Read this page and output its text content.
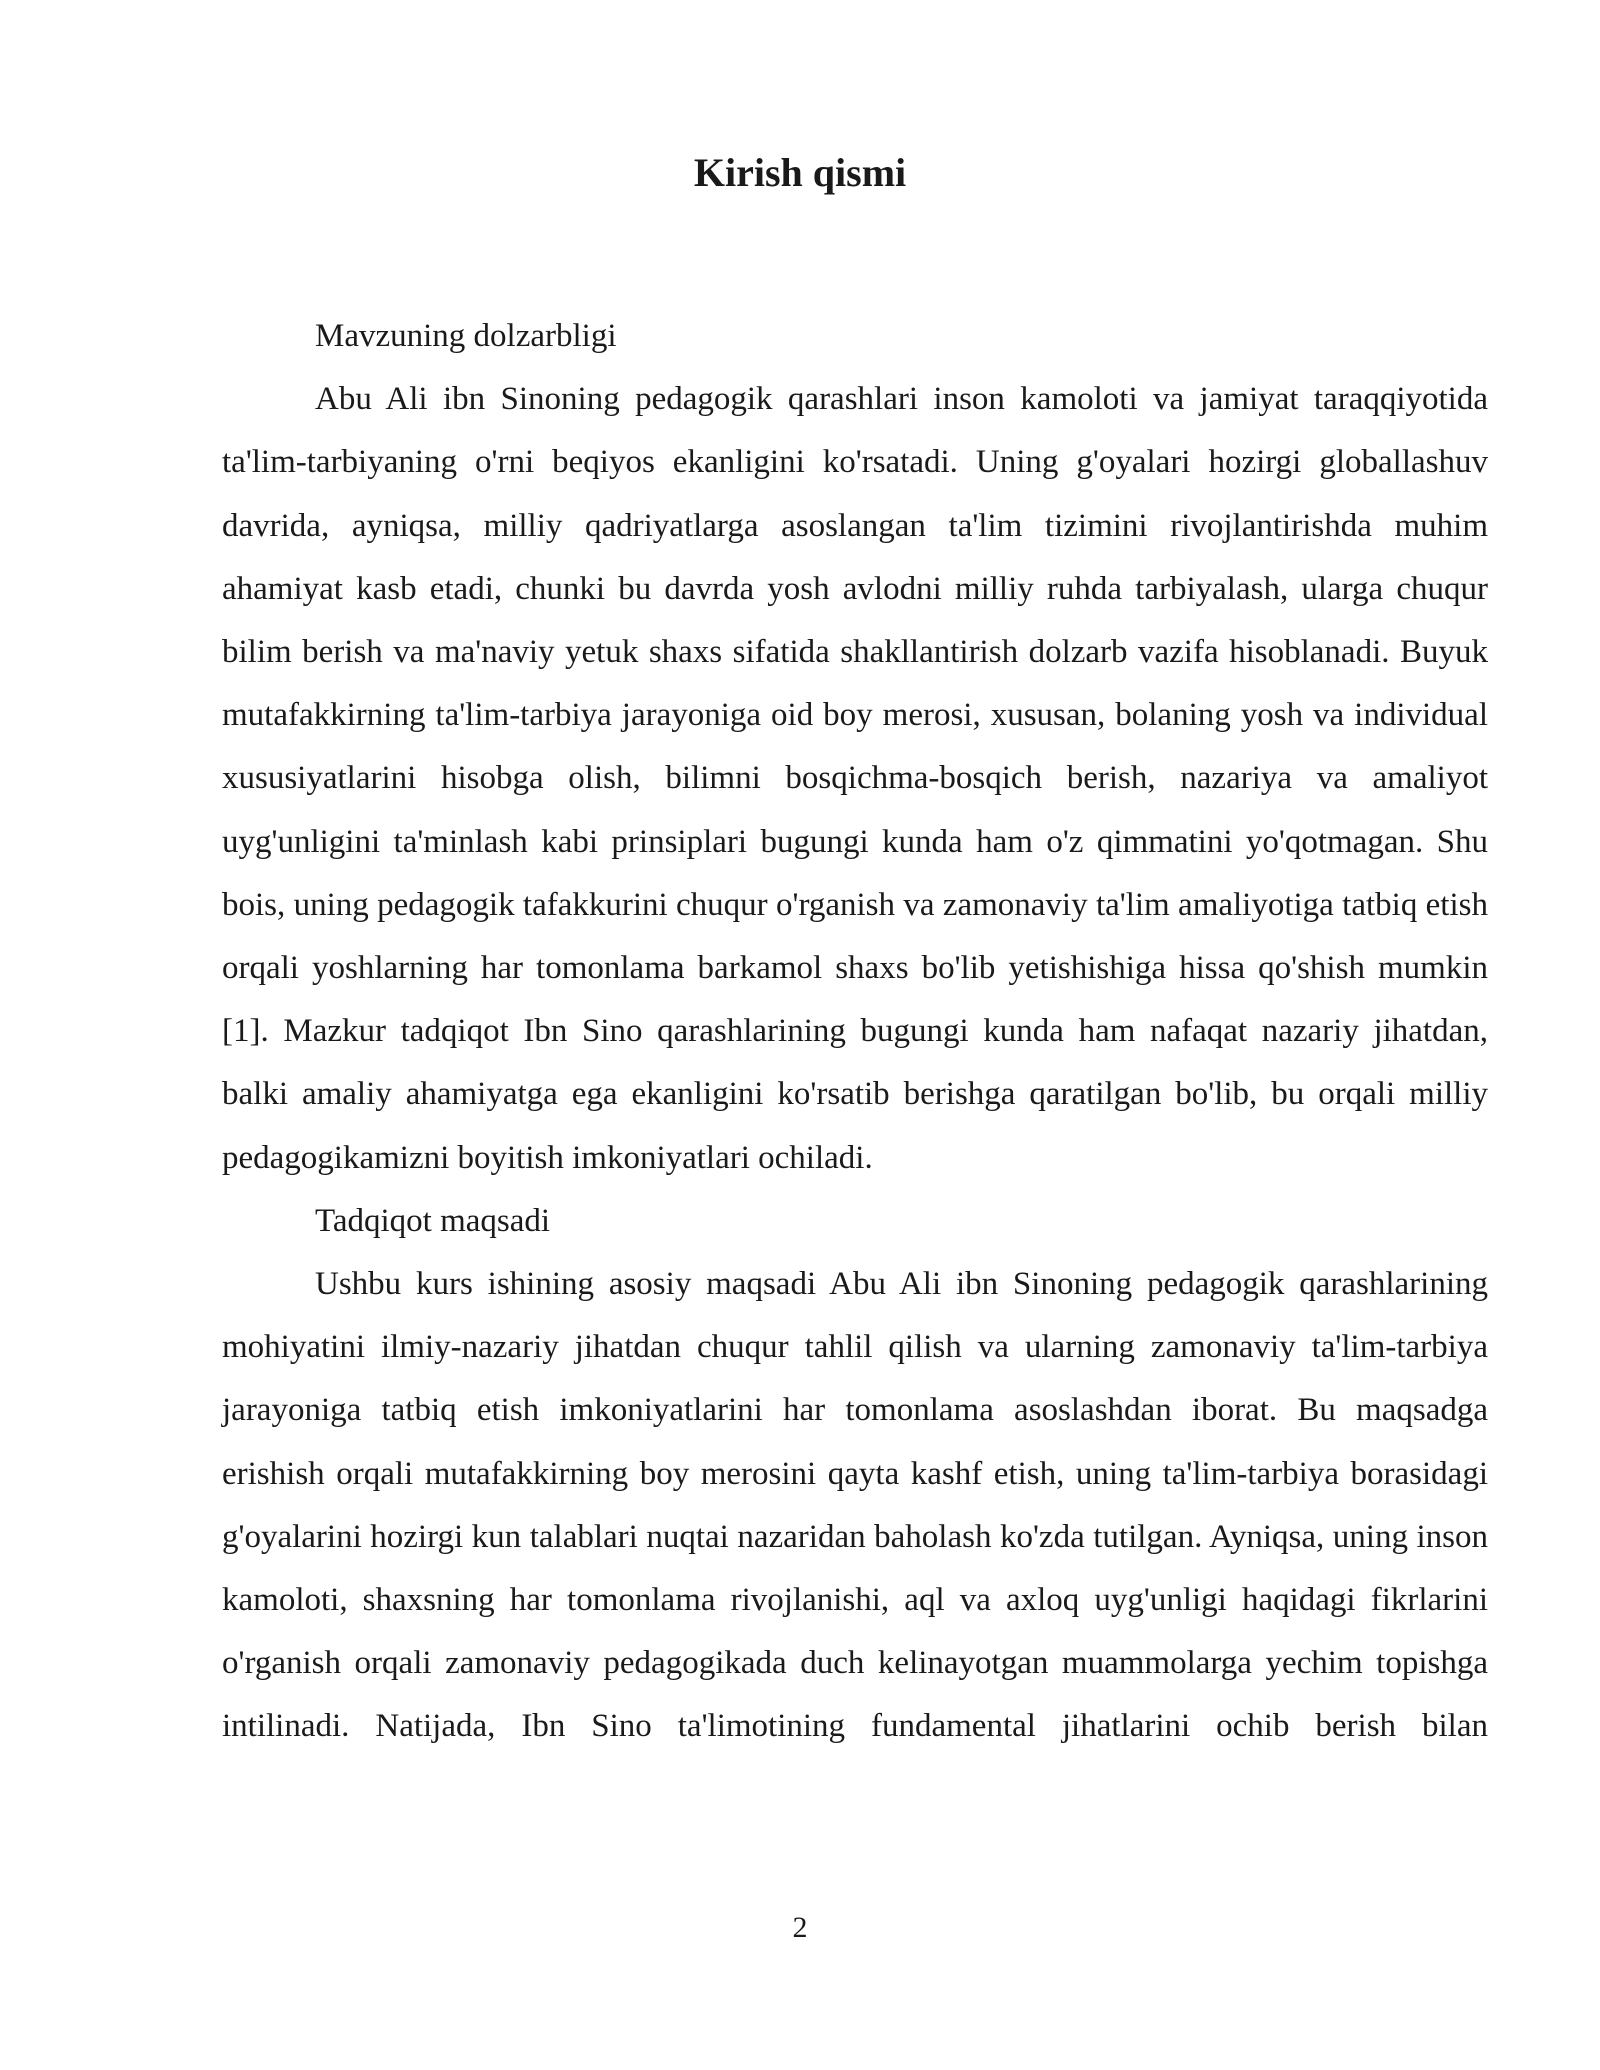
Kirish qismi

Mavzuning dolzarbligi

Abu Ali ibn Sinoning pedagogik qarashlari inson kamoloti va jamiyat taraqqiyotida ta'lim-tarbiyaning o'rni beqiyos ekanligini ko'rsatadi. Uning g'oyalari hozirgi globallashuv davrida, ayniqsa, milliy qadriyatlarga asoslangan ta'lim tizimini rivojlantirishda muhim ahamiyat kasb etadi, chunki bu davrda yosh avlodni milliy ruhda tarbiyalash, ularga chuqur bilim berish va ma'naviy yetuk shaxs sifatida shakllantirish dolzarb vazifa hisoblanadi. Buyuk mutafakkirning ta'lim-tarbiya jarayoniga oid boy merosi, xususan, bolaning yosh va individual xususiyatlarini hisobga olish, bilimni bosqichma-bosqich berish, nazariya va amaliyot uyg'unligini ta'minlash kabi prinsiplari bugungi kunda ham o'z qimmatini yo'qotmagan. Shu bois, uning pedagogik tafakkurini chuqur o'rganish va zamonaviy ta'lim amaliyotiga tatbiq etish orqali yoshlarning har tomonlama barkamol shaxs bo'lib yetishishiga hissa qo'shish mumkin [1]. Mazkur tadqiqot Ibn Sino qarashlarining bugungi kunda ham nafaqat nazariy jihatdan, balki amaliy ahamiyatga ega ekanligini ko'rsatib berishga qaratilgan bo'lib, bu orqali milliy pedagogikamizni boyitish imkoniyatlari ochiladi.

Tadqiqot maqsadi

Ushbu kurs ishining asosiy maqsadi Abu Ali ibn Sinoning pedagogik qarashlarining mohiyatini ilmiy-nazariy jihatdan chuqur tahlil qilish va ularning zamonaviy ta'lim-tarbiya jarayoniga tatbiq etish imkoniyatlarini har tomonlama asoslashdan iborat. Bu maqsadga erishish orqali mutafakkirning boy merosini qayta kashf etish, uning ta'lim-tarbiya borasidagi g'oyalarini hozirgi kun talablari nuqtai nazaridan baholash ko'zda tutilgan. Ayniqsa, uning inson kamoloti, shaxsning har tomonlama rivojlanishi, aql va axloq uyg'unligi haqidagi fikrlarini o'rganish orqali zamonaviy pedagogikada duch kelinayotgan muammolarga yechim topishga intilinadi. Natijada, Ibn Sino ta'limotining fundamental jihatlarini ochib berish bilan

2
